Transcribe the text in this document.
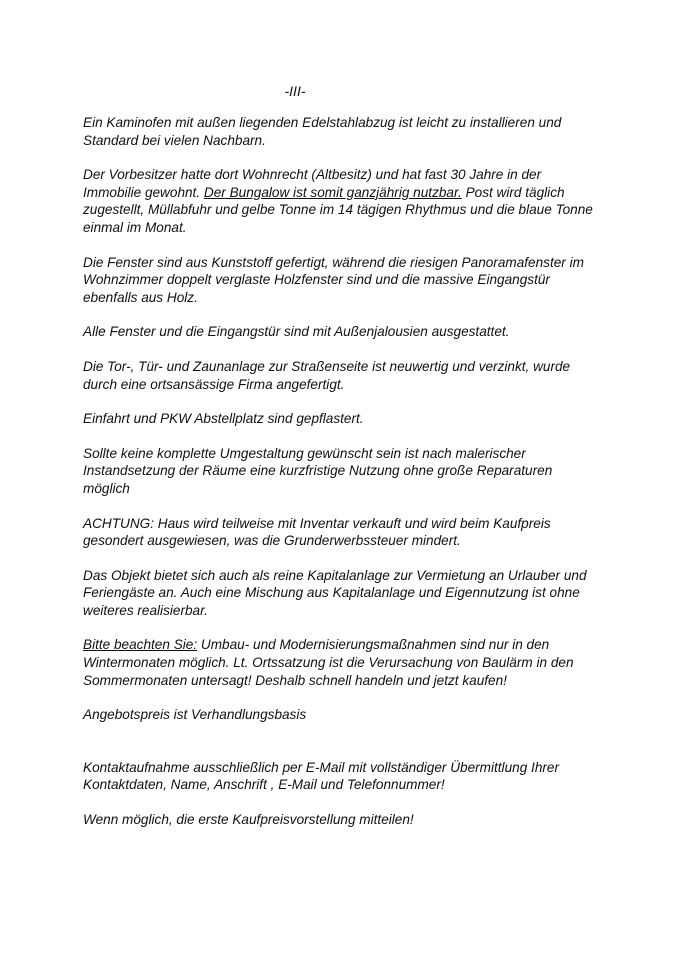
-III-

Ein Kaminofen mit außen liegenden Edelstahlabzug ist leicht zu installieren und
Standard bei vielen Nachbarn.

Der Vorbesitzer hatte dort Wohnrecht (Altbesitz) und hat fast 30 Jahre in der
Immobilie gewohnt. Der Bungalow ist somit ganzjährig nutzbar. Post wird täglich
zugestellt, Müllabfuhr und gelbe Tonne im 14 tägigen Rhythmus und die blaue Tonne
einmal im Monat.

Die Fenster sind aus Kunststoff gefertigt, während die riesigen Panoramafenster im
Wohnzimmer doppelt verglaste Holzfenster sind und die massive Eingangstür
ebenfalls aus Holz.

Alle Fenster und die Eingangstür sind mit Außenjalousien ausgestattet.

Die Tor-, Tür- und Zaunanlage zur Straßenseite ist neuwertig und verzinkt, wurde
durch eine ortsansässige Firma angefertigt.

Einfahrt und PKW Abstellplatz sind gepflastert.

Sollte keine komplette Umgestaltung gewünscht sein ist nach malerischer
Instandsetzung der Räume eine kurzfristige Nutzung ohne große Reparaturen
möglich

ACHTUNG: Haus wird teilweise mit Inventar verkauft und wird beim Kaufpreis
gesondert ausgewiesen, was die Grunderwerbssteuer mindert.

Das Objekt bietet sich auch als reine Kapitalanlage zur Vermietung an Urlauber und
Feriengäste an. Auch eine Mischung aus Kapitalanlage und Eigennutzung ist ohne
weiteres realisierbar.

Bitte beachten Sie: Umbau- und Modernisierungsmaßnahmen sind nur in den
Wintermonaten möglich. Lt. Ortssatzung ist die Verursachung von Baulärm in den
Sommermonaten untersagt! Deshalb schnell handeln und jetzt kaufen!

Angebotspreis ist Verhandlungsbasis

Kontaktaufnahme ausschließlich per E-Mail mit vollständiger Übermittlung Ihrer
Kontaktdaten, Name, Anschrift , E-Mail und Telefonnummer!

Wenn möglich, die erste Kaufpreisvorstellung mitteilen!
